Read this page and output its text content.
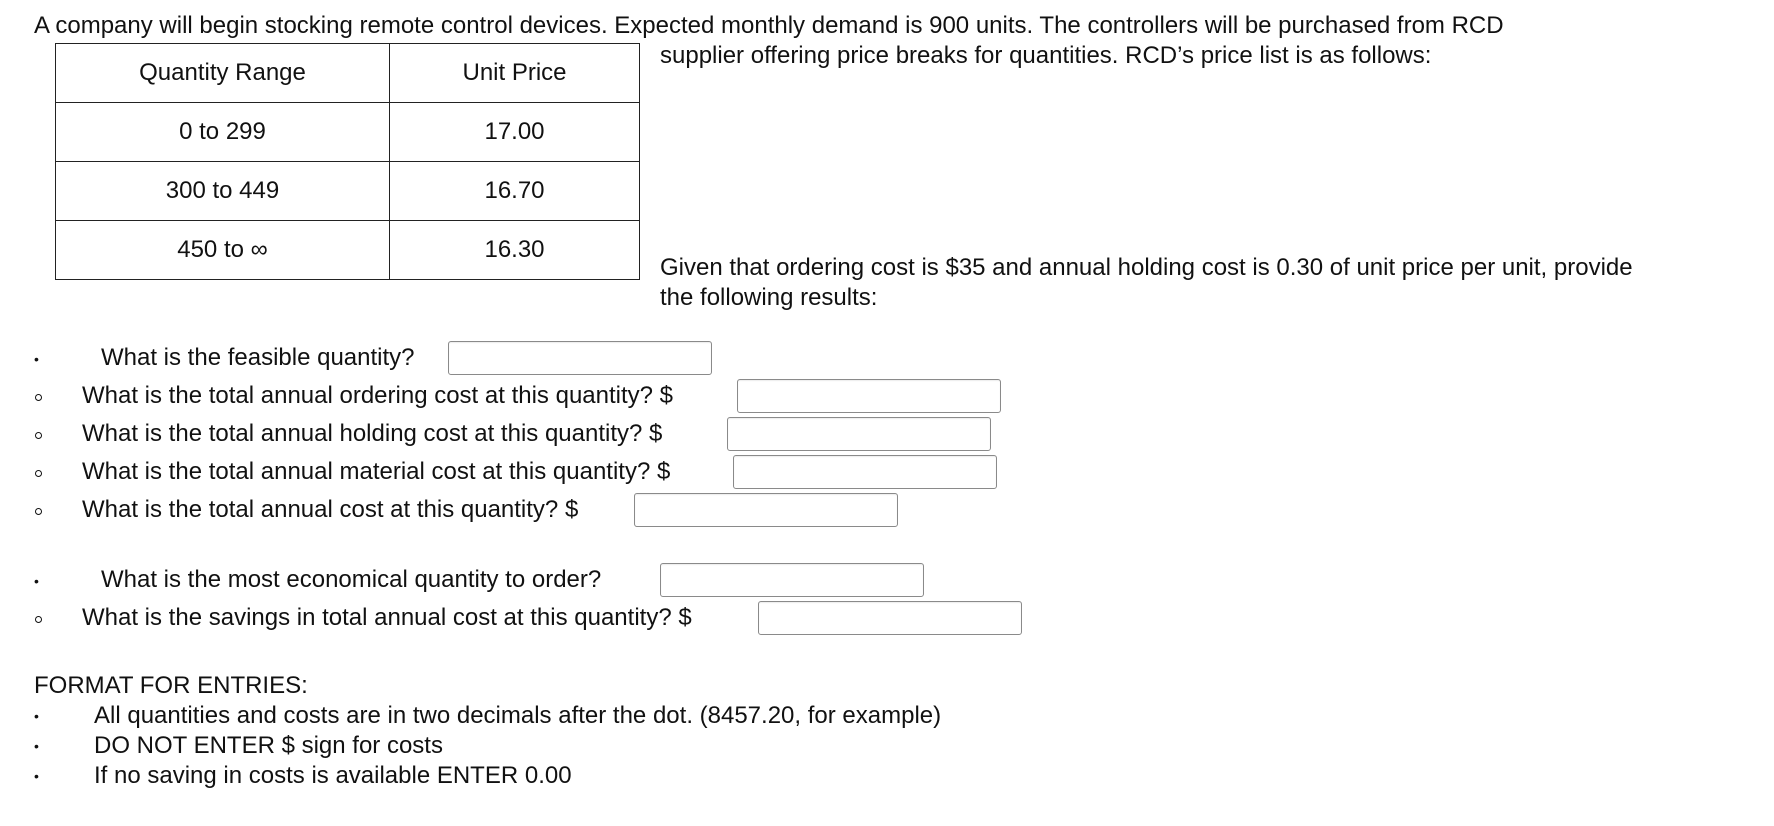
A company will begin stocking remote control devices. Expected monthly demand is 900 units. The controllers will be purchased from RCD
supplier offering price breaks for quantities. RCD’s price list is as follows:
Quantity Range	Unit Price
0 to 299	17.00
300 to 449	16.70
450 to ∞	16.30
Given that ordering cost is $35 and annual holding cost is 0.30 of unit price per unit, provide
the following results:
•	What is the feasible quantity?
What is the total annual ordering cost at this quantity? $
What is the total annual holding cost at this quantity? $
What is the total annual material cost at this quantity? $
What is the total annual cost at this quantity? $
•	What is the most economical quantity to order?
What is the savings in total annual cost at this quantity? $
FORMAT FOR ENTRIES:
• All quantities and costs are in two decimals after the dot. (8457.20, for example)
• DO NOT ENTER $ sign for costs
• If no saving in costs is available ENTER 0.00
